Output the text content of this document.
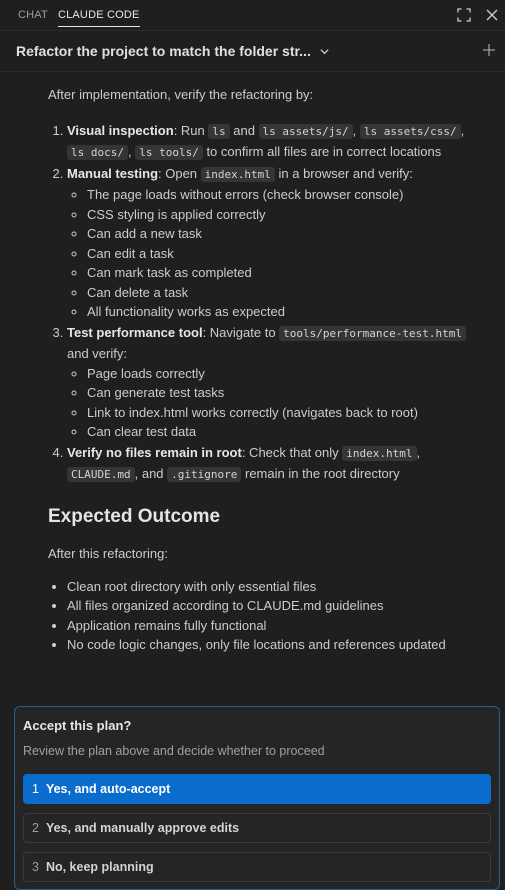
CHAT CLAUDE CODE
Refactor the project to match the folder str...

After implementation, verify the refactoring by:

1. Visual inspection: Run ls and ls assets/js/ , ls assets/css/ , ls docs/ , ls tools/ to confirm all files are in correct locations
2. Manual testing: Open index.html in a browser and verify:
◦ The page loads without errors (check browser console)
◦ CSS styling is applied correctly
◦ Can add a new task
◦ Can edit a task
◦ Can mark task as completed
◦ Can delete a task
◦ All functionality works as expected
3. Test performance tool: Navigate to tools/performance-test.html and verify:
◦ Page loads correctly
◦ Can generate test tasks
◦ Link to index.html works correctly (navigates back to root)
◦ Can clear test data
4. Verify no files remain in root: Check that only index.html , CLAUDE.md , and .gitignore remain in the root directory
Expected Outcome

After this refactoring:

• Clean root directory with only essential files
• All files organized according to CLAUDE.md guidelines
• Application remains fully functional
• No code logic changes, only file locations and references updated
Accept this plan?
Review the plan above and decide whether to proceed
1 Yes, and auto-accept
2 Yes, and manually approve edits
3 No, keep planning
